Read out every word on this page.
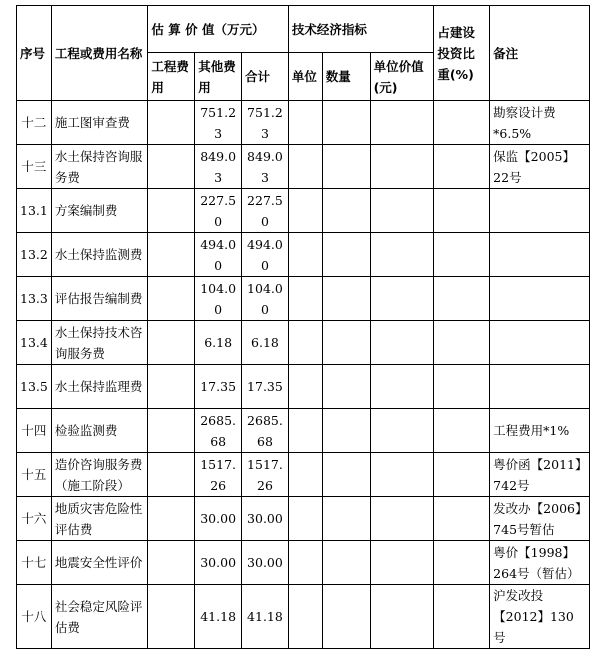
序号	工程或费用名称	估 算 价 值（万元）			技术经济指标			占建设投资比重(%)	备注
		工程费用	其他费用	合计	单位	数量	单位价值(元)		
十二	施工图审查费		751.23	751.23					勘察设计费*6.5%
十三	水土保持咨询服务费		849.03	849.03					保监【2005】22号
13.1	方案编制费		227.50	227.50					
13.2	水土保持监测费		494.00	494.00					
13.3	评估报告编制费		104.00	104.00					
13.4	水土保持技术咨询服务费		6.18	6.18					
13.5	水土保持监理费		17.35	17.35					
十四	检验监测费		2685.68	2685.68					工程费用*1%
十五	造价咨询服务费（施工阶段）		1517.26	1517.26					粤价函【2011】742号
十六	地质灾害危险性评估费		30.00	30.00					发改办【2006】745号暂估
十七	地震安全性评价		30.00	30.00					粤价【1998】264号（暂估）
十八	社会稳定风险评估费		41.18	41.18					沪发改投【2012】130号
